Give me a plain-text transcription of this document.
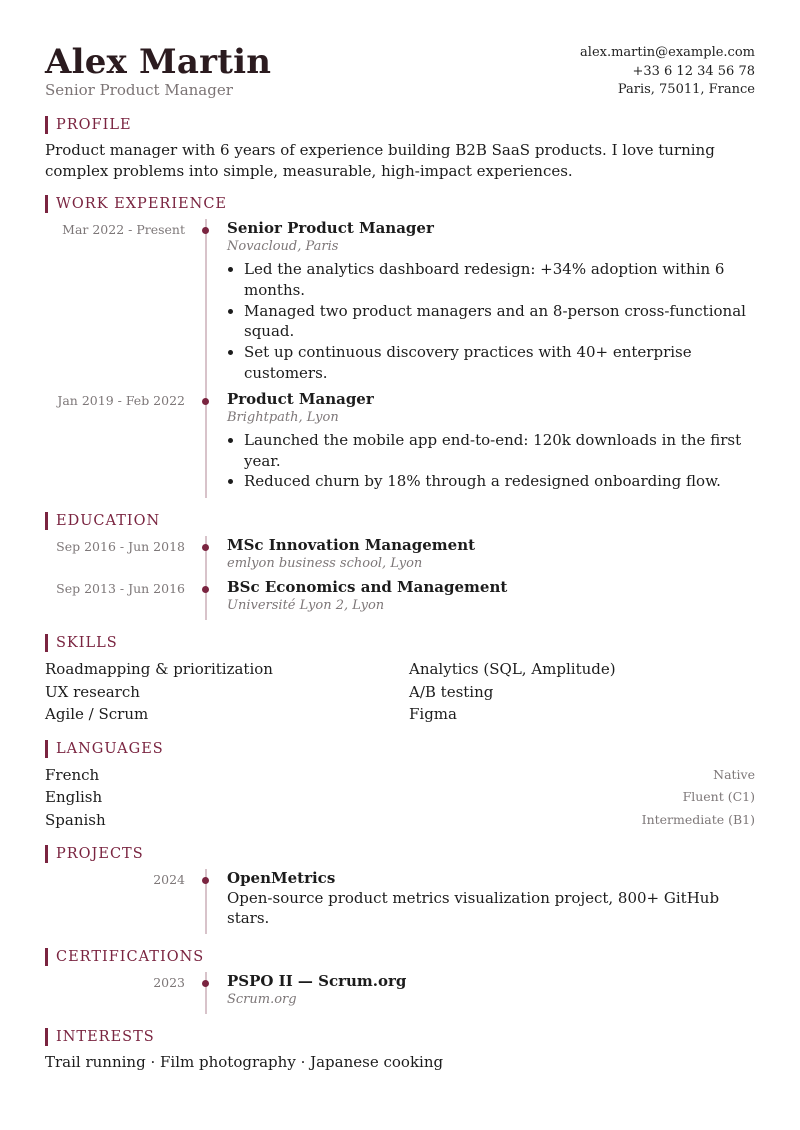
Alex Martin
Senior Product Manager
alex.martin@example.com
+33 6 12 34 56 78
Paris, 75011, France
PROFILE

Product manager with 6 years of experience building B2B SaaS products. I love turning complex problems into simple, measurable, high-impact experiences.

WORK EXPERIENCE
Mar 2022 - Present	Senior Product Manager
Novacloud, Paris
• Led the analytics dashboard redesign: +34% adoption within 6 months.
• Managed two product managers and an 8-person cross-functional squad.
• Set up continuous discovery practices with 40+ enterprise customers.
Jan 2019 - Feb 2022	Product Manager
Brightpath, Lyon
• Launched the mobile app end-to-end: 120k downloads in the first year.
• Reduced churn by 18% through a redesigned onboarding flow.
EDUCATION
Sep 2016 - Jun 2018	MSc Innovation Management
emlyon business school, Lyon
Sep 2013 - Jun 2016	BSc Economics and Management
Université Lyon 2, Lyon
SKILLS
Roadmapping & prioritization	Analytics (SQL, Amplitude)
UX research	A/B testing
Agile / Scrum	Figma
LANGUAGES
French	Native
English	Fluent (C1)
Spanish	Intermediate (B1)
PROJECTS
2024	OpenMetrics
Open-source product metrics visualization project, 800+ GitHub stars.
CERTIFICATIONS
2023	PSPO II — Scrum.org
Scrum.org
INTERESTS
Trail running · Film photography · Japanese cooking
